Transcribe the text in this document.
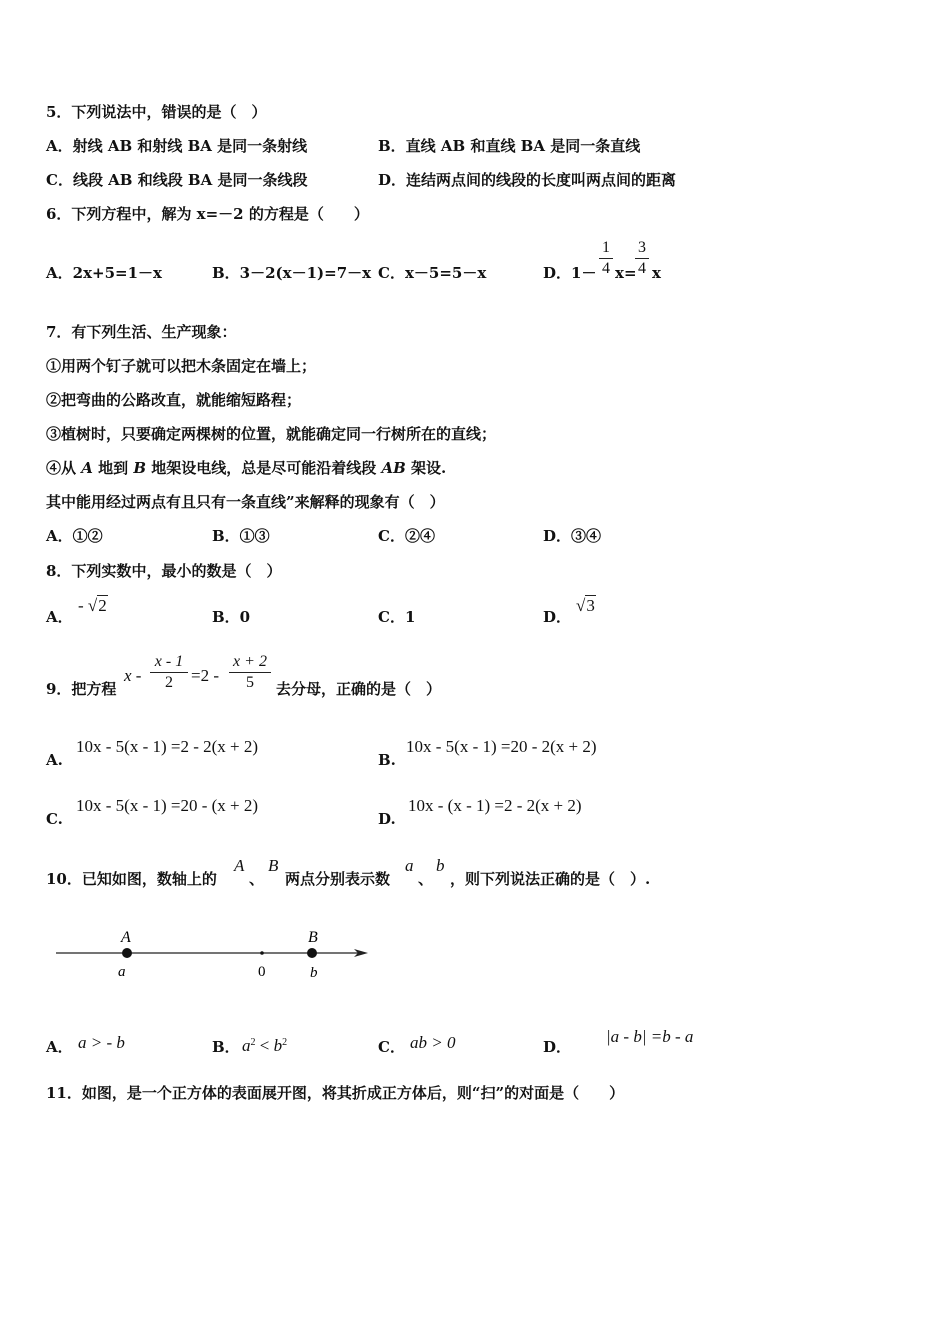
5．下列说法中，错误的是（　）
A．射线 AB 和射线 BA 是同一条射线	B．直线 AB 和直线 BA 是同一条直线
C．线段 AB 和线段 BA 是同一条线段	D．连结两点间的线段的长度叫两点间的距离
6．下列方程中，解为 x=－2 的方程是（　　）
A．2x+5=1－x	B．3－2(x－1)=7－x C．x－5=5－x	D．1－
1
4 x=
3
4 x
7．有下列生活、生产现象：
①用两个钉子就可以把木条固定在墙上；
②把弯曲的公路改直，就能缩短路程；
③植树时，只要确定两棵树的位置，就能确定同一行树所在的直线；
④从 A 地到 B 地架设电线，总是尽可能沿着线段 AB 架设.
其中能用经过两点有且只有一条直线”来解释的现象有（　）
A．①②	B．①③	C．②④	D．③④
8．下列实数中，最小的数是（　）
A．
- √2
B．0	C．1	D．
√3
9．把方程
x -
x - 1
2	=2 -
x + 2
5	去分母，正确的是（　）
A.
10x - 5(x - 1) =2 - 2(x + 2)
B.
10x - 5(x - 1) =20 - 2(x + 2)
C.
10x - 5(x - 1) =20 - (x + 2)
D.
10x - (x - 1) =2 - 2(x + 2)
10．已知如图，数轴上的
A
、
B
两点分别表示数
a
、
b
，则下列说法正确的是（　）.
A	B
a	0	b
A． a > - b	B． $a^2 < b^2$	C． ab > 0	D．
|a - b| =b - a
11．如图，是一个正方体的表面展开图，将其折成正方体后，则“扫”的对面是（　　）
